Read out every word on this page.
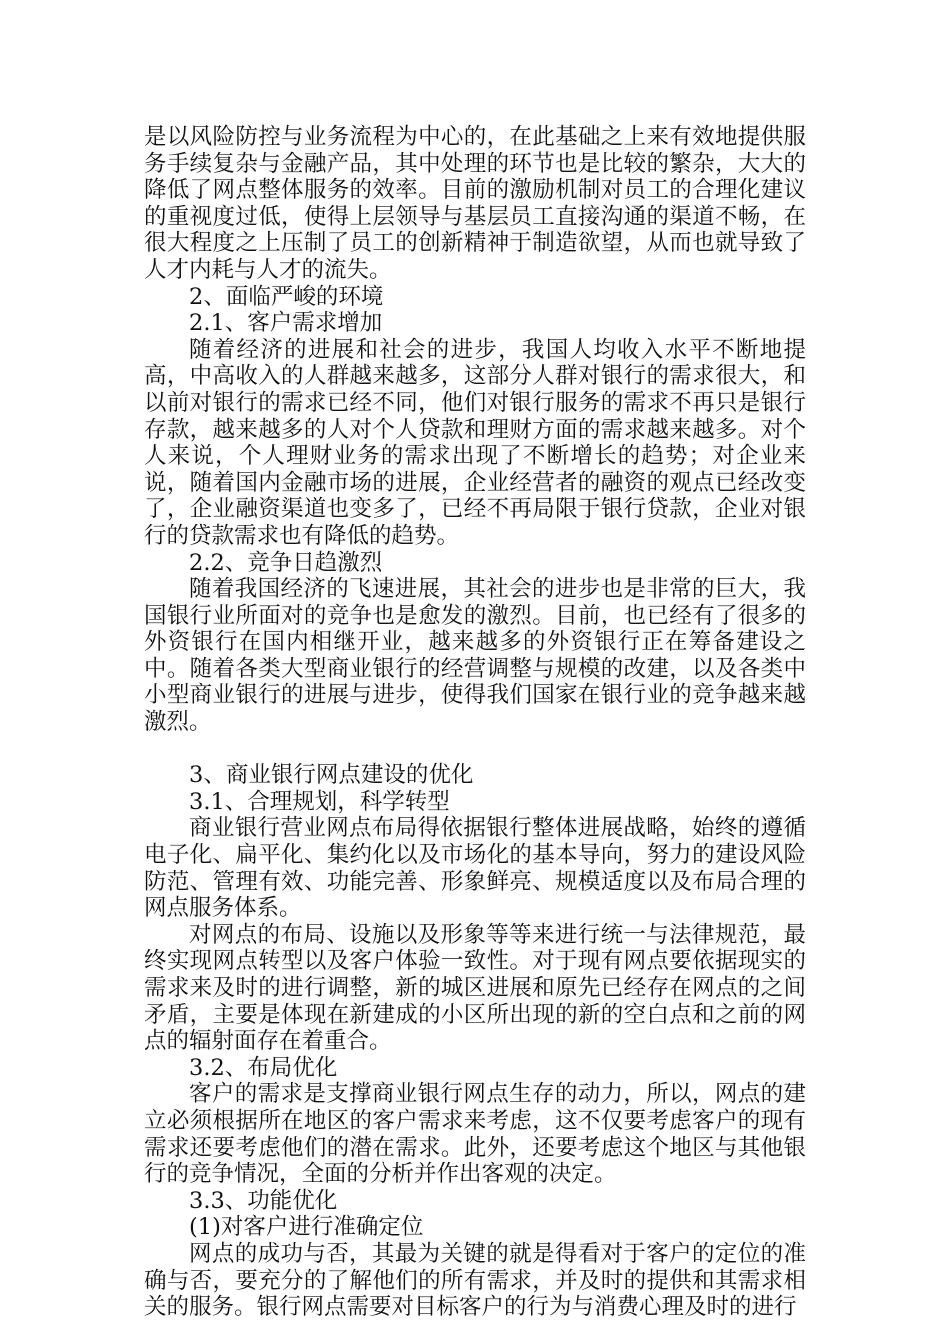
是以风险防控与业务流程为中心的，在此基础之上来有效地提供服务手续复杂与金融产品，其中处理的环节也是比较的繁杂，大大的降低了网点整体服务的效率。目前的激励机制对员工的合理化建议的重视度过低，使得上层领导与基层员工直接沟通的渠道不畅，在很大程度之上压制了员工的创新精神于制造欲望，从而也就导致了人才内耗与人才的流失。

2、面临严峻的环境

2.1、客户需求增加

随着经济的进展和社会的进步，我国人均收入水平不断地提高，中高收入的人群越来越多，这部分人群对银行的需求很大，和以前对银行的需求已经不同，他们对银行服务的需求不再只是银行存款，越来越多的人对个人贷款和理财方面的需求越来越多。对个人来说，个人理财业务的需求出现了不断增长的趋势；对企业来说，随着国内金融市场的进展，企业经营者的融资的观点已经改变了，企业融资渠道也变多了，已经不再局限于银行贷款，企业对银行的贷款需求也有降低的趋势。

2.2、竞争日趋激烈

随着我国经济的飞速进展，其社会的进步也是非常的巨大，我国银行业所面对的竞争也是愈发的激烈。目前，也已经有了很多的外资银行在国内相继开业，越来越多的外资银行正在筹备建设之中。随着各类大型商业银行的经营调整与规模的改建，以及各类中小型商业银行的进展与进步，使得我们国家在银行业的竞争越来越激烈。

3、商业银行网点建设的优化

3.1、合理规划，科学转型

商业银行营业网点布局得依据银行整体进展战略，始终的遵循电子化、扁平化、集约化以及市场化的基本导向，努力的建设风险防范、管理有效、功能完善、形象鲜亮、规模适度以及布局合理的网点服务体系。

对网点的布局、设施以及形象等等来进行统一与法律规范，最终实现网点转型以及客户体验一致性。对于现有网点要依据现实的需求来及时的进行调整，新的城区进展和原先已经存在网点的之间矛盾，主要是体现在新建成的小区所出现的新的空白点和之前的网点的辐射面存在着重合。

3.2、布局优化

客户的需求是支撑商业银行网点生存的动力，所以，网点的建立必须根据所在地区的客户需求来考虑，这不仅要考虑客户的现有需求还要考虑他们的潜在需求。此外，还要考虑这个地区与其他银行的竞争情况，全面的分析并作出客观的决定。

3.3、功能优化

(1)对客户进行准确定位

网点的成功与否，其最为关键的就是得看对于客户的定位的准确与否，要充分的了解他们的所有需求，并及时的提供和其需求相关的服务。银行网点需要对目标客户的行为与消费心理及时的进行
